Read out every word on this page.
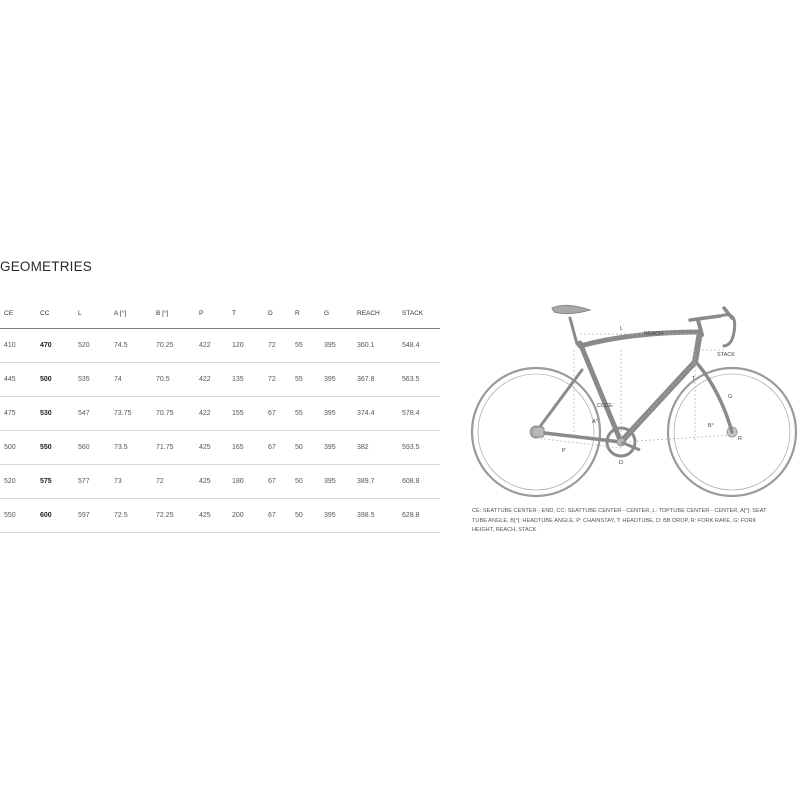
GEOMETRIES
CE	CC	L	A [°]	B [°]	P	T	D	R	G	REACH	STACK
410	470	520	74.5	70.25	422	120	72	55	395	360.1	548.4
445	500	535	74	70.5	422	135	72	55	395	367.8	563.5
475	530	547	73.75	70.75	422	155	67	55	395	374.4	578.4
500	550	560	73.5	71.75	425	165	67	50	395	382	593.5
520	575	577	73	72	425	180	67	50	395	389.7	608.8
550	600	597	72.5	72.25	425	200	67	50	395	398.5	628.8
L
REACH
STACK
CC CE
A°
B°
T
G
D
P
R
CE: SEATTUBE CENTER - END, CC: SEATTUBE CENTER - CENTER, L: TOPTUBE CENTER - CENTER, A[°]: SEAT TUBE ANGLE, B[°]: HEADTUBE ANGLE, P: CHAINSTAY, T: HEADTUBE, D: BB DROP, R: FORK RAKE, G: FORK HEIGHT, REACH, STACK
